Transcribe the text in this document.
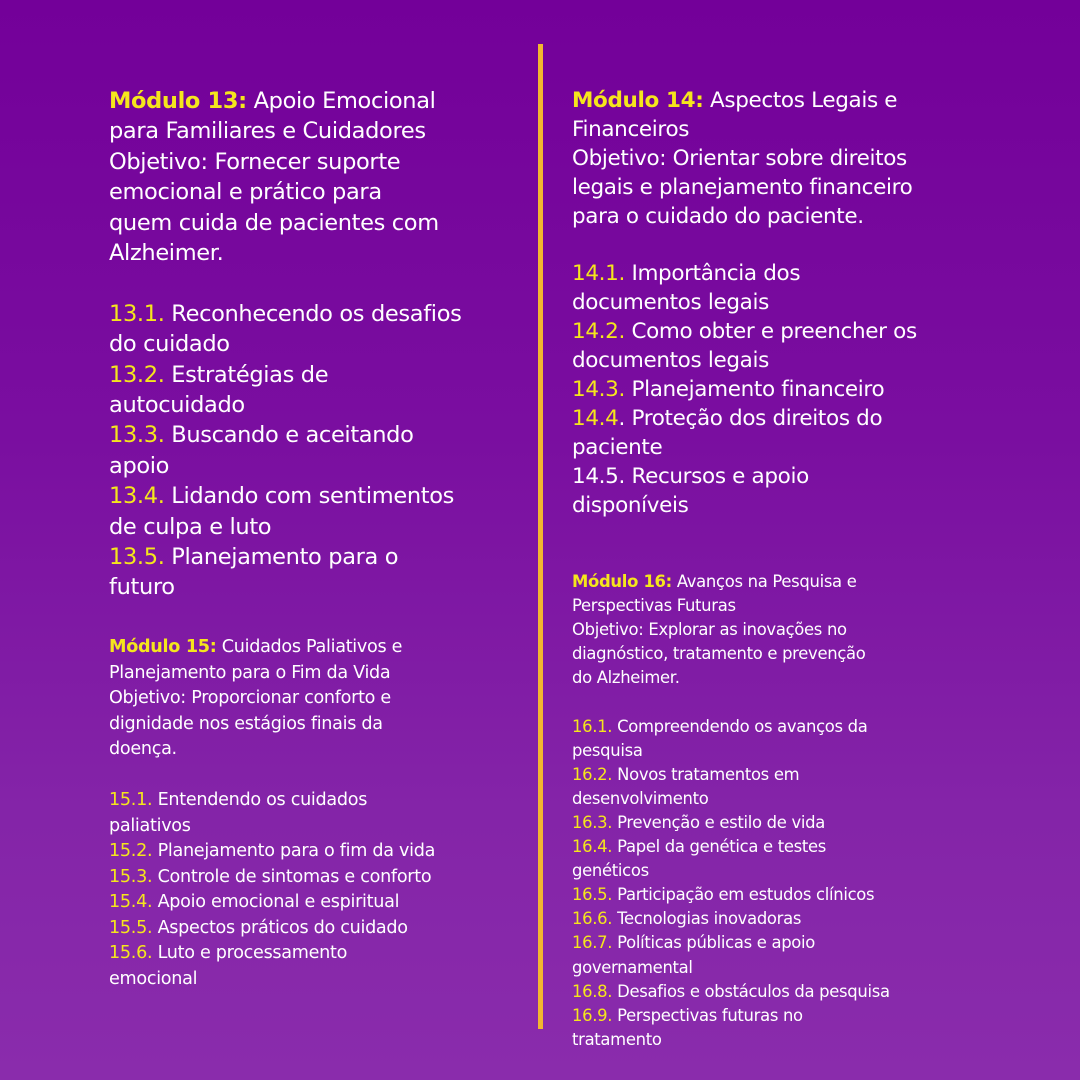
Módulo 13: Apoio Emocional
para Familiares e Cuidadores
Objetivo: Fornecer suporte
emocional e prático para
quem cuida de pacientes com
Alzheimer.
13.1. Reconhecendo os desafios
do cuidado
13.2. Estratégias de
autocuidado
13.3. Buscando e aceitando
apoio
13.4. Lidando com sentimentos
de culpa e luto
13.5. Planejamento para o
futuro
Módulo 14: Aspectos Legais e
Financeiros
Objetivo: Orientar sobre direitos
legais e planejamento financeiro
para o cuidado do paciente.
14.1. Importância dos
documentos legais
14.2. Como obter e preencher os
documentos legais
14.3. Planejamento financeiro
14.4. Proteção dos direitos do
paciente
14.5. Recursos e apoio
disponíveis
Módulo 15: Cuidados Paliativos e
Planejamento para o Fim da Vida
Objetivo: Proporcionar conforto e
dignidade nos estágios finais da
doença.
15.1. Entendendo os cuidados
paliativos
15.2. Planejamento para o fim da vida
15.3. Controle de sintomas e conforto
15.4. Apoio emocional e espiritual
15.5. Aspectos práticos do cuidado
15.6. Luto e processamento
emocional
Módulo 16: Avanços na Pesquisa e
Perspectivas Futuras
Objetivo: Explorar as inovações no
diagnóstico, tratamento e prevenção
do Alzheimer.
16.1. Compreendendo os avanços da
pesquisa
16.2. Novos tratamentos em
desenvolvimento
16.3. Prevenção e estilo de vida
16.4. Papel da genética e testes
genéticos
16.5. Participação em estudos clínicos
16.6. Tecnologias inovadoras
16.7. Políticas públicas e apoio
governamental
16.8. Desafios e obstáculos da pesquisa
16.9. Perspectivas futuras no
tratamento
